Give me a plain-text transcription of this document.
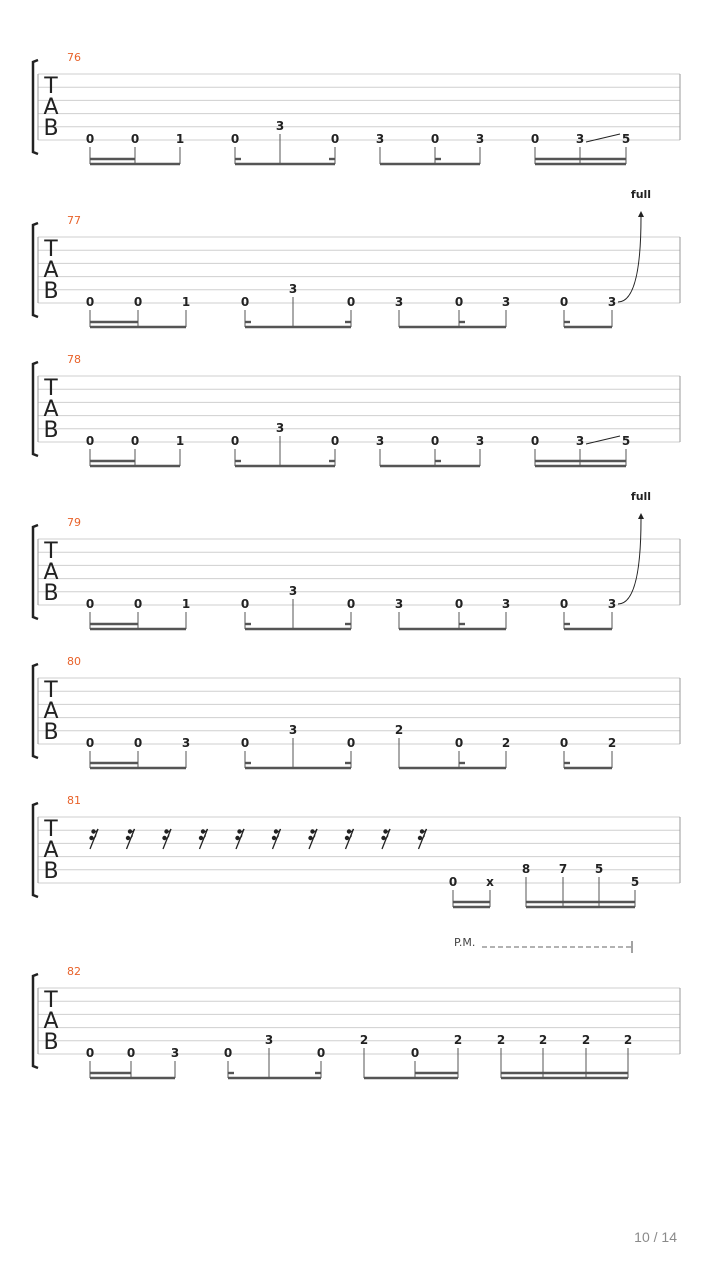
T
A
B
76
0	0	1	0
3
0	3	0	3	0	3	5
T
A
B
77
0	0	1	0
3
0	3	0	3	0	3
full
T
A
B
78
0	0	1	0
3
0	3	0	3	0	3	5
T
A
B
79
0	0	1	0
3
0	3	0	3	0	3
full
T
A
B
80
0	0	3	0
3
0
2
0	2	0	2
T
A
B
81
0 x
8 7 5
5
T
A
B
82
0	0	3	0
3
0
2
0
2	2	2	2	2
P.M.
10 / 14
